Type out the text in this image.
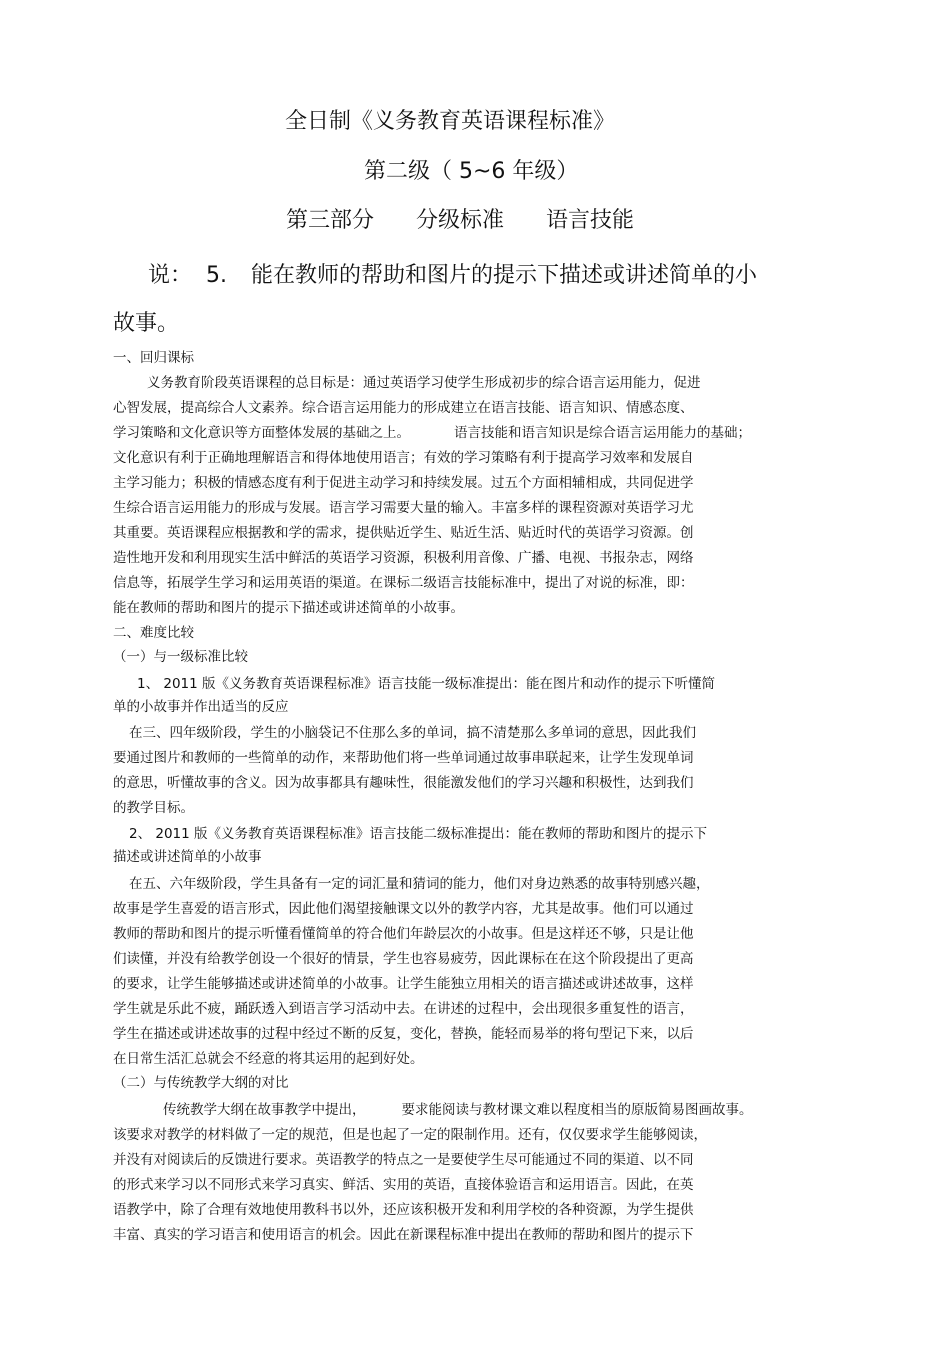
全日制《义务教育英语课程标准》
第二级（ 5~6 年级）
第三部分 分级标准 语言技能
说： 5. 能在教师的帮助和图片的提示下描述或讲述简单的小
故事。
一、回归课标
义务教育阶段英语课程的总目标是：通过英语学习使学生形成初步的综合语言运用能力，促进
心智发展，提高综合人文素养。综合语言运用能力的形成建立在语言技能、语言知识、情感态度、
学习策略和文化意识等方面整体发展的基础之上。	语言技能和语言知识是综合语言运用能力的基础；
文化意识有利于正确地理解语言和得体地使用语言；有效的学习策略有利于提高学习效率和发展自
主学习能力；积极的情感态度有利于促进主动学习和持续发展。过五个方面相辅相成，共同促进学
生综合语言运用能力的形成与发展。语言学习需要大量的输入。丰富多样的课程资源对英语学习尤
其重要。英语课程应根据教和学的需求，提供贴近学生、贴近生活、贴近时代的英语学习资源。创
造性地开发和利用现实生活中鲜活的英语学习资源，积极利用音像、广播、电视、书报杂志，网络
信息等，拓展学生学习和运用英语的渠道。在课标二级语言技能标准中，提出了对说的标准，即：
能在教师的帮助和图片的提示下描述或讲述简单的小故事。
二、难度比较
（一）与一级标准比较
1、 2011 版《义务教育英语课程标准》语言技能一级标准提出：能在图片和动作的提示下听懂简
单的小故事并作出适当的反应
在三、四年级阶段，学生的小脑袋记不住那么多的单词，搞不清楚那么多单词的意思，因此我们
要通过图片和教师的一些简单的动作，来帮助他们将一些单词通过故事串联起来，让学生发现单词
的意思，听懂故事的含义。因为故事都具有趣味性，很能激发他们的学习兴趣和积极性，达到我们
的教学目标。
2、 2011 版《义务教育英语课程标准》语言技能二级标准提出：能在教师的帮助和图片的提示下
描述或讲述简单的小故事
在五、六年级阶段，学生具备有一定的词汇量和猜词的能力，他们对身边熟悉的故事特别感兴趣，
故事是学生喜爱的语言形式，因此他们渴望接触课文以外的教学内容，尤其是故事。他们可以通过
教师的帮助和图片的提示听懂看懂简单的符合他们年龄层次的小故事。但是这样还不够，只是让他
们读懂，并没有给教学创设一个很好的情景，学生也容易疲劳，因此课标在在这个阶段提出了更高
的要求，让学生能够描述或讲述简单的小故事。让学生能独立用相关的语言描述或讲述故事，这样
学生就是乐此不疲，踊跃透入到语言学习活动中去。在讲述的过程中，会出现很多重复性的语言，
学生在描述或讲述故事的过程中经过不断的反复，变化，替换，能轻而易举的将句型记下来，以后
在日常生活汇总就会不经意的将其运用的起到好处。
（二）与传统教学大纲的对比
传统教学大纲在故事教学中提出，	要求能阅读与教材课文难以程度相当的原版简易图画故事。
该要求对教学的材料做了一定的规范，但是也起了一定的限制作用。还有，仅仅要求学生能够阅读，
并没有对阅读后的反馈进行要求。英语教学的特点之一是要使学生尽可能通过不同的渠道、以不同
的形式来学习以不同形式来学习真实、鲜活、实用的英语，直接体验语言和运用语言。因此，在英
语教学中，除了合理有效地使用教科书以外，还应该积极开发和利用学校的各种资源，为学生提供
丰富、真实的学习语言和使用语言的机会。因此在新课程标准中提出在教师的帮助和图片的提示下
